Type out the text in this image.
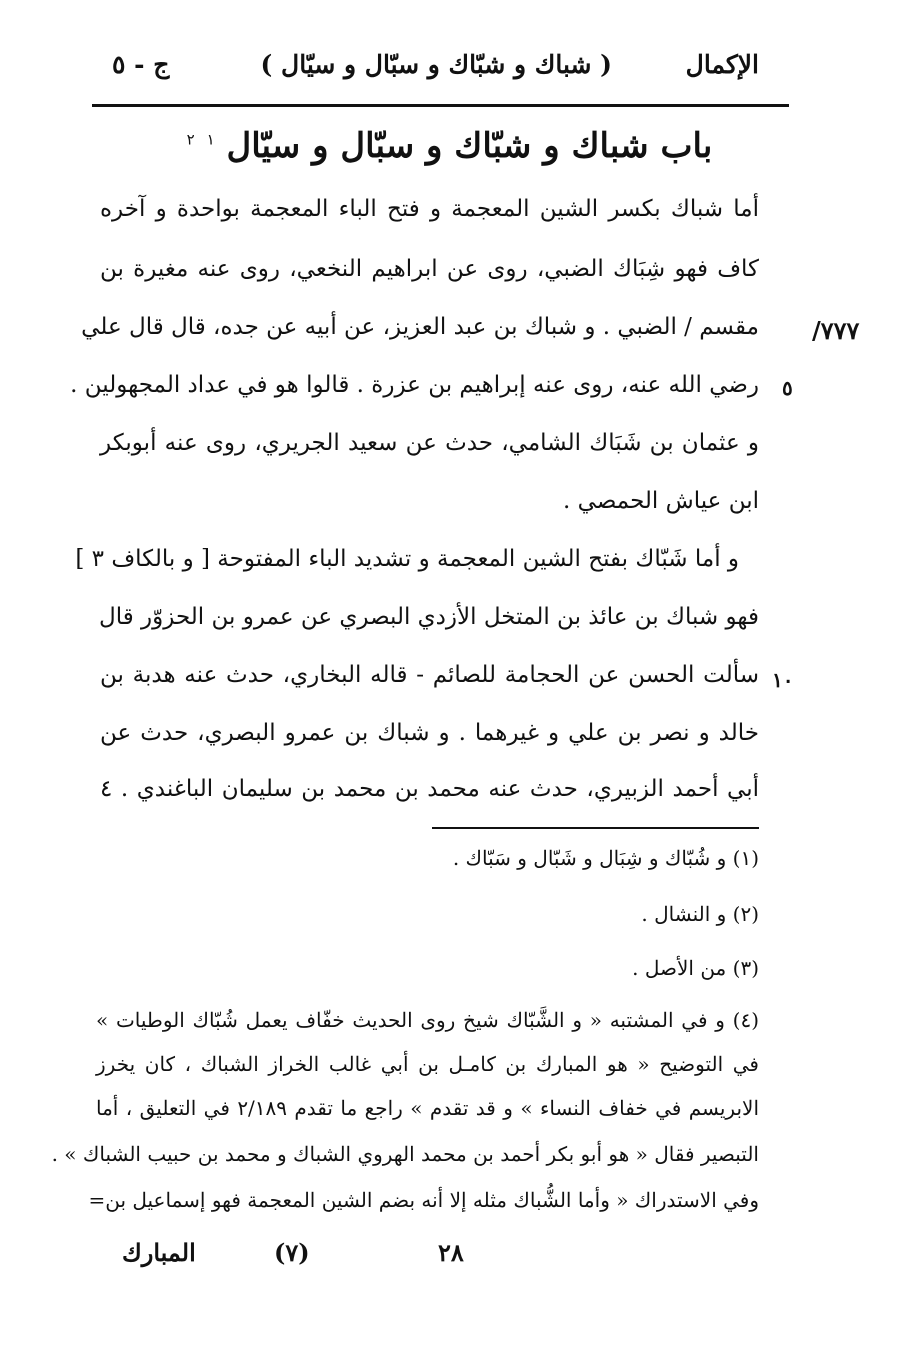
الإكمال
( شباك و شبّاك و سبّال و سيّال )
ج - ٥
باب شباك و شبّاك و سبّال و سيّال $^١$ $^٢$
/٧٧٧
٥
١٠
أما شباك بكسر الشين المعجمة و فتح الباء المعجمة بواحدة و آخره
كاف فهو شِبَاك الضبي، روى عن ابراهيم النخعي، روى عنه مغيرة بن
مقسم / الضبي . و شباك بن عبد العزيز، عن أبيه عن جده، قال قال علي
رضي الله عنه، روى عنه إبراهيم بن عزرة . قالوا هو في عداد المجهولين .
و عثمان بن شَبَاك الشامي، حدث عن سعيد الجريري، روى عنه أبوبكر
ابن عياش الحمصي .
و أما شَبّاك بفتح الشين المعجمة و تشديد الباء المفتوحة [ و بالكاف ٣ ]
فهو شباك بن عائذ بن المتخل الأزدي البصري عن عمرو بن الحزوّر قال
سألت الحسن عن الحجامة للصائم - قاله البخاري، حدث عنه هدبة بن
خالد و نصر بن علي و غيرهما . و شباك بن عمرو البصري، حدث عن
أبي أحمد الزبيري، حدث عنه محمد بن محمد بن سليمان الباغندي . ٤
(١) و شُبّاك و شِبَال و شَبّال و سَبّاك .
(٢) و النشال .
(٣) من الأصل .
(٤) و في المشتبه « و الشَّبّاك شيخ روى الحديث خفّاف يعمل شُبّاك الوطيات »
في التوضيح « هو المبارك بن كامـل بن أبي غالب الخراز الشباك ، كان يخرز
الابريسم في خفاف النساء » و قد تقدم » راجع ما تقدم ٢/١٨٩ في التعليق ، أما
التبصير فقال « هو أبو بكر أحمد بن محمد الهروي الشباك و محمد بن حبيب الشباك » .
وفي الاستدراك « وأما الشُّباك مثله إلا أنه بضم الشين المعجمة فهو إسماعيل بن=
٢٨
(٧)
المبارك
